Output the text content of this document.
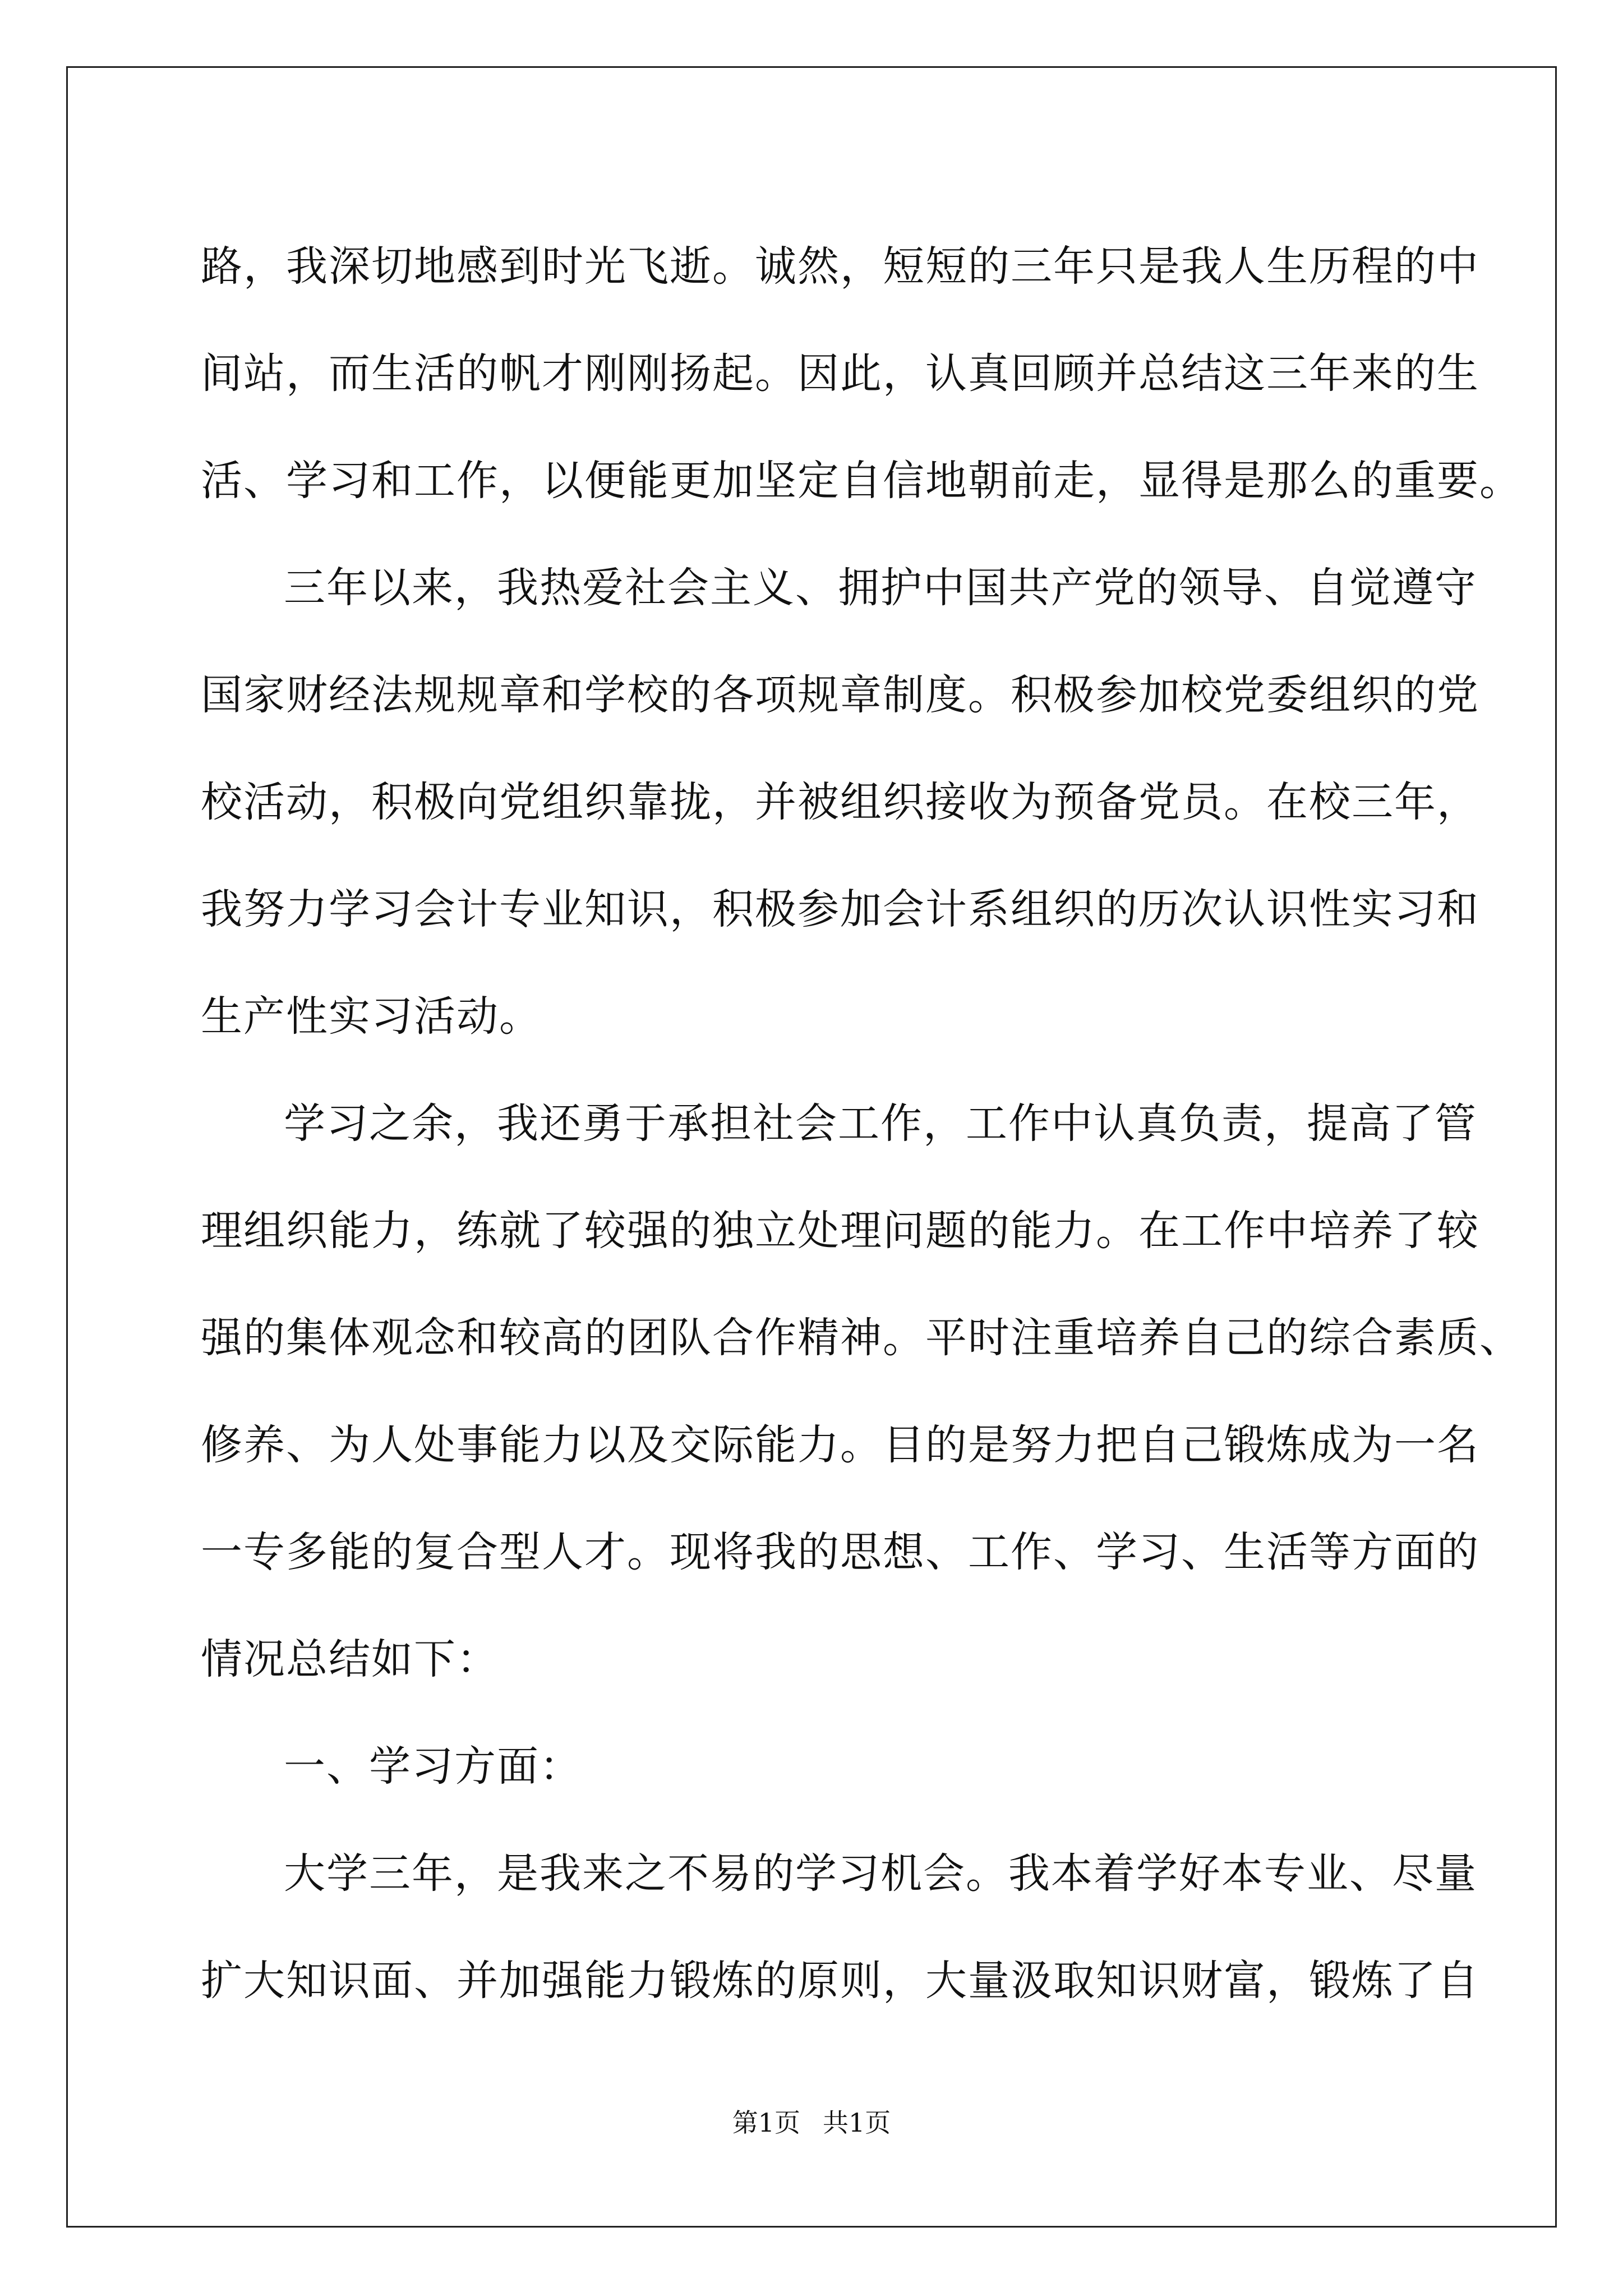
路，我深切地感到时光飞逝。诚然，短短的三年只是我人生历程的中
间站，而生活的帆才刚刚扬起。因此，认真回顾并总结这三年来的生
活、学习和工作，以便能更加坚定自信地朝前走，显得是那么的重要。
三年以来，我热爱社会主义、拥护中国共产党的领导、自觉遵守
国家财经法规规章和学校的各项规章制度。积极参加校党委组织的党
校活动，积极向党组织靠拢，并被组织接收为预备党员。在校三年，
我努力学习会计专业知识，积极参加会计系组织的历次认识性实习和
生产性实习活动。
学习之余，我还勇于承担社会工作，工作中认真负责，提高了管
理组织能力，练就了较强的独立处理问题的能力。在工作中培养了较
强的集体观念和较高的团队合作精神。平时注重培养自己的综合素质、
修养、为人处事能力以及交际能力。目的是努力把自己锻炼成为一名
一专多能的复合型人才。现将我的思想、工作、学习、生活等方面的
情况总结如下：
一、学习方面：
大学三年，是我来之不易的学习机会。我本着学好本专业、尽量
扩大知识面、并加强能力锻炼的原则，大量汲取知识财富，锻炼了自
第1页 共1页
